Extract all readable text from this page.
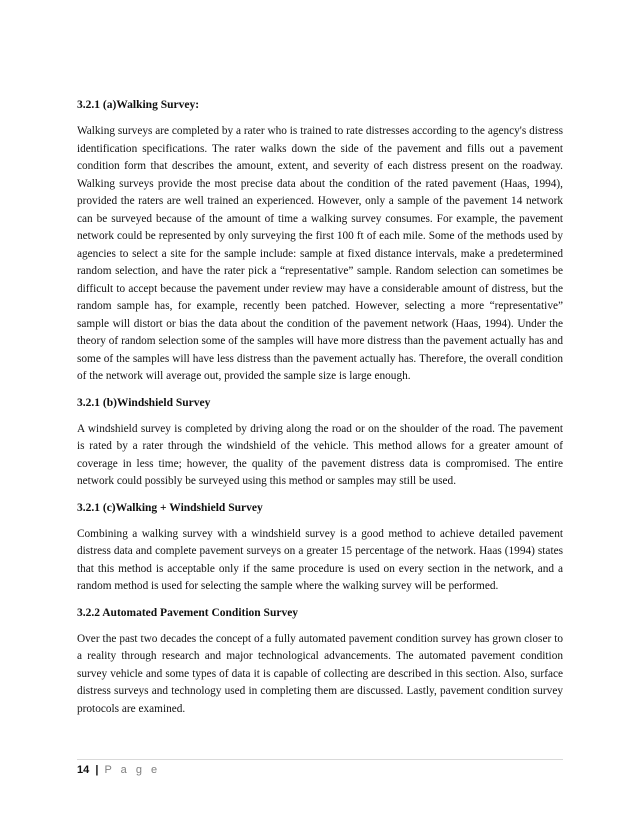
3.2.1 (a)Walking Survey:

Walking surveys are completed by a rater who is trained to rate distresses according to the agency's distress identification specifications. The rater walks down the side of the pavement and fills out a pavement condition form that describes the amount, extent, and severity of each distress present on the roadway. Walking surveys provide the most precise data about the condition of the rated pavement (Haas, 1994), provided the raters are well trained an experienced. However, only a sample of the pavement 14 network can be surveyed because of the amount of time a walking survey consumes. For example, the pavement network could be represented by only surveying the first 100 ft of each mile. Some of the methods used by agencies to select a site for the sample include: sample at fixed distance intervals, make a predetermined random selection, and have the rater pick a “representative” sample. Random selection can sometimes be difficult to accept because the pavement under review may have a considerable amount of distress, but the random sample has, for example, recently been patched. However, selecting a more “representative” sample will distort or bias the data about the condition of the pavement network (Haas, 1994). Under the theory of random selection some of the samples will have more distress than the pavement actually has and some of the samples will have less distress than the pavement actually has. Therefore, the overall condition of the network will average out, provided the sample size is large enough.

3.2.1 (b)Windshield Survey

A windshield survey is completed by driving along the road or on the shoulder of the road. The pavement is rated by a rater through the windshield of the vehicle. This method allows for a greater amount of coverage in less time; however, the quality of the pavement distress data is compromised. The entire network could possibly be surveyed using this method or samples may still be used.

3.2.1 (c)Walking + Windshield Survey

Combining a walking survey with a windshield survey is a good method to achieve detailed pavement distress data and complete pavement surveys on a greater 15 percentage of the network. Haas (1994) states that this method is acceptable only if the same procedure is used on every section in the network, and a random method is used for selecting the sample where the walking survey will be performed.

3.2.2 Automated Pavement Condition Survey

Over the past two decades the concept of a fully automated pavement condition survey has grown closer to a reality through research and major technological advancements. The automated pavement condition survey vehicle and some types of data it is capable of collecting are described in this section. Also, surface distress surveys and technology used in completing them are discussed. Lastly, pavement condition survey protocols are examined.

14 | P a g e
